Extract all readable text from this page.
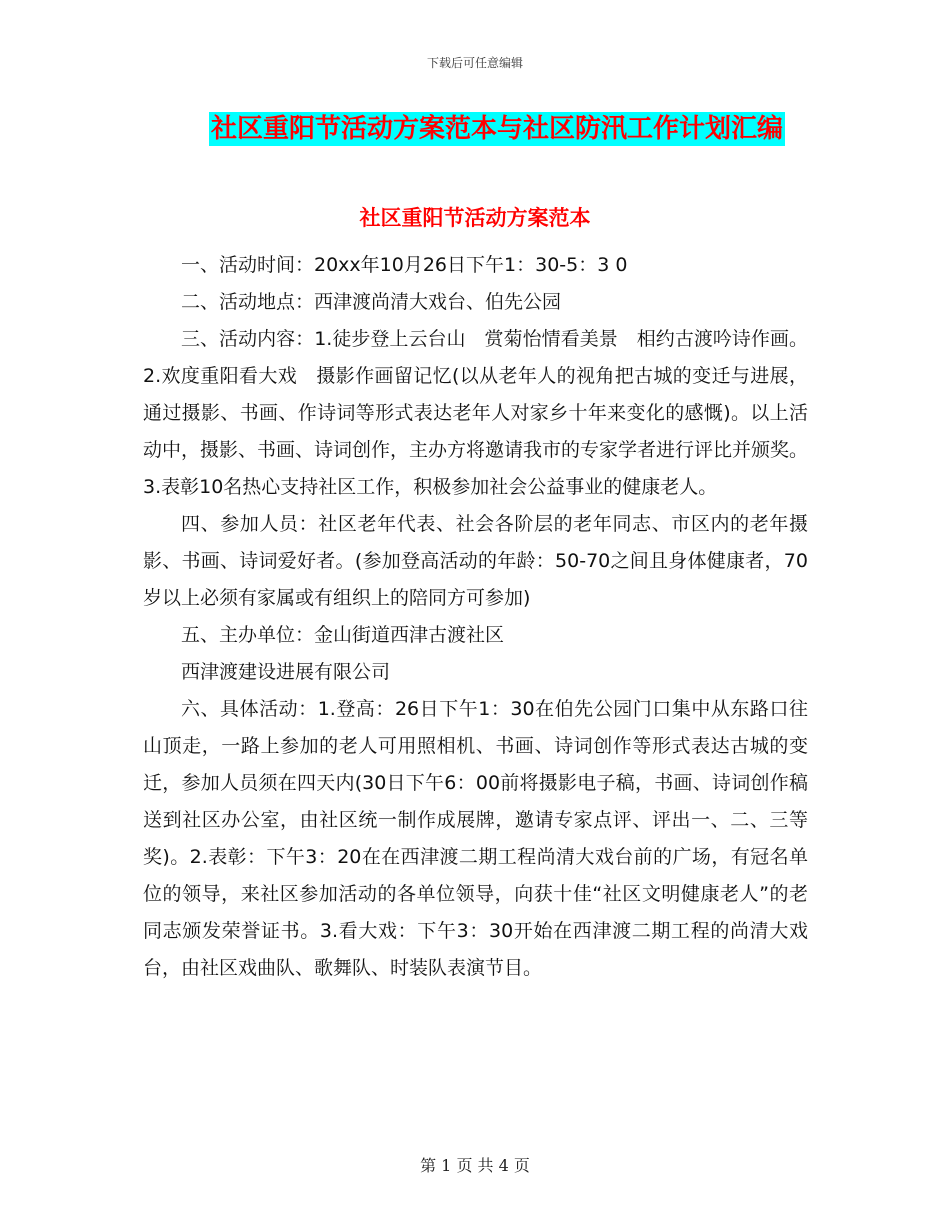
下载后可任意编辑
社区重阳节活动方案范本与社区防汛工作计划汇编
社区重阳节活动方案范本

一、活动时间：20xx年10月26日下午1：30-5：3 0

二、活动地点：西津渡尚清大戏台、伯先公园

三、活动内容：1.徒步登上云台山　赏菊怡情看美景　相约古渡吟诗作画。2.欢度重阳看大戏　摄影作画留记忆(以从老年人的视角把古城的变迁与进展，通过摄影、书画、作诗词等形式表达老年人对家乡十年来变化的感慨)。以上活动中，摄影、书画、诗词创作，主办方将邀请我市的专家学者进行评比并颁奖。3.表彰10名热心支持社区工作，积极参加社会公益事业的健康老人。

四、参加人员：社区老年代表、社会各阶层的老年同志、市区内的老年摄影、书画、诗词爱好者。(参加登高活动的年龄：50-70之间且身体健康者，70岁以上必须有家属或有组织上的陪同方可参加)

五、主办单位：金山街道西津古渡社区

西津渡建设进展有限公司

六、具体活动：1.登高：26日下午1：30在伯先公园门口集中从东路口往山顶走，一路上参加的老人可用照相机、书画、诗词创作等形式表达古城的变迁，参加人员须在四天内(30日下午6：00前将摄影电子稿，书画、诗词创作稿送到社区办公室，由社区统一制作成展牌，邀请专家点评、评出一、二、三等奖)。2.表彰：下午3：20在在西津渡二期工程尚清大戏台前的广场，有冠名单位的领导，来社区参加活动的各单位领导，向获十佳“社区文明健康老人”的老同志颁发荣誉证书。3.看大戏：下午3：30开始在西津渡二期工程的尚清大戏台，由社区戏曲队、歌舞队、时装队表演节目。

第 1 页 共 4 页
